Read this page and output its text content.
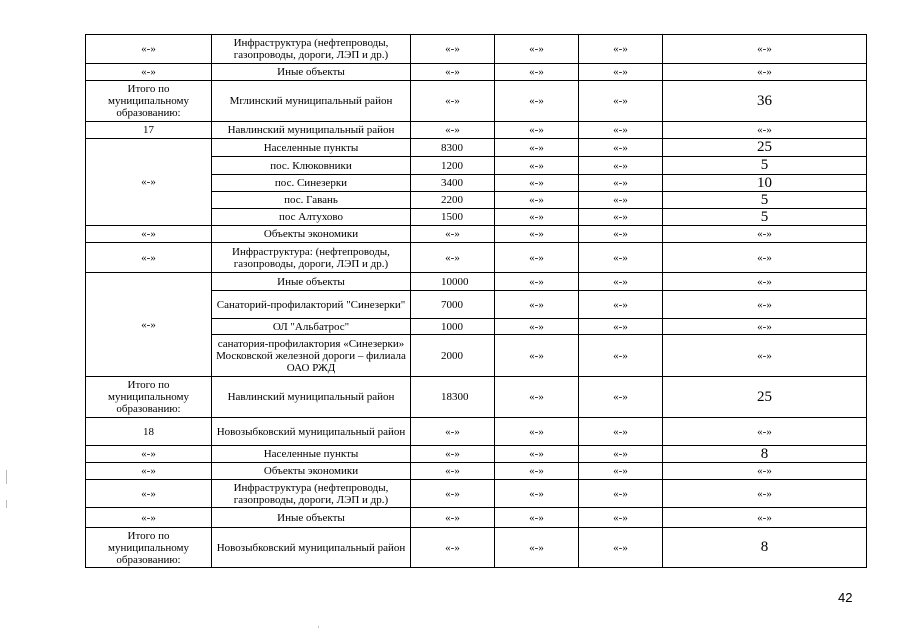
«-»	Инфраструктура (нефтепроводы, газопроводы, дороги, ЛЭП и др.)	«-»	«-»	«-»	«-»
«-»	Иные объекты	«-»	«-»	«-»	«-»
Итого по муниципальному образованию:	Мглинский муниципальный район	«-»	«-»	«-»	36
17	Навлинский муниципальный район	«-»	«-»	«-»	«-»
«-»	Населенные пункты	8300	«-»	«-»	25
	пос. Клюковники	1200	«-»	«-»	5
	пос. Синезерки	3400	«-»	«-»	10
	пос. Гавань	2200	«-»	«-»	5
	пос Алтухово	1500	«-»	«-»	5
«-»	Объекты экономики	«-»	«-»	«-»	«-»
«-»	Инфраструктура: (нефтепроводы, газопроводы, дороги, ЛЭП и др.)	«-»	«-»	«-»	«-»
«-»	Иные объекты	10000	«-»	«-»	«-»
	Санаторий-профилакторий "Синезерки"	7000	«-»	«-»	«-»
	ОЛ "Альбатрос"	1000	«-»	«-»	«-»
	санатория-профилактория «Синезерки» Московской железной дороги – филиала ОАО РЖД	2000	«-»	«-»	«-»
Итого по муниципальному образованию:	Навлинский муниципальный район	18300	«-»	«-»	25
18	Новозыбковский муниципальный район	«-»	«-»	«-»	«-»
«-»	Населенные пункты	«-»	«-»	«-»	8
«-»	Объекты экономики	«-»	«-»	«-»	«-»
«-»	Инфраструктура (нефтепроводы, газопроводы, дороги, ЛЭП и др.)	«-»	«-»	«-»	«-»
«-»	Иные объекты	«-»	«-»	«-»	«-»
Итого по муниципальному образованию:	Новозыбковский муниципальный район	«-»	«-»	«-»	8
42
